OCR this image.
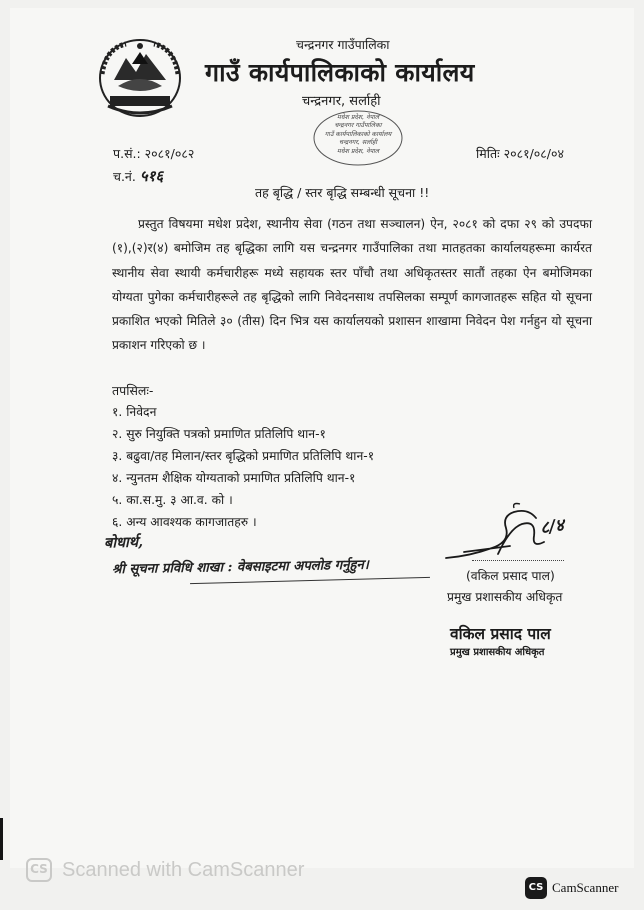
चन्द्रनगर गाउँपालिका
गाउँ कार्यपालिकाको कार्यालय
चन्द्रनगर, सर्लाही
मधेश प्रदेश, नेपाल
चन्द्रनगर गाउँपालिका
गाउँ कार्यपालिकाको कार्यालय
चन्द्रनगर, सर्लाही
मधेश प्रदेश, नेपाल
प.सं.: २०८१/०८२
च.नं. ५१६
मितिः २०८१/०८/०४
तह बृद्धि / स्तर बृद्धि सम्बन्धी सूचना !!
प्रस्तुत विषयमा मधेश प्रदेश, स्थानीय सेवा (गठन तथा सञ्चालन) ऐन, २०८१ को दफा २९ को उपदफा (१),(२)र(४) बमोजिम तह बृद्धिका लागि यस चन्द्रनगर गाउँपालिका तथा मातहतका कार्यालयहरूमा कार्यरत स्थानीय सेवा स्थायी कर्मचारीहरू मध्ये सहायक स्तर पाँचौ तथा अधिकृतस्तर सातौं तहका ऐन बमोजिमका योग्यता पुगेका कर्मचारीहरूले तह बृद्धिको लागि निवेदनसाथ तपसिलका सम्पूर्ण कागजातहरू सहित यो सूचना प्रकाशित भएको मितिले ३० (तीस) दिन भित्र यस कार्यालयको प्रशासन शाखामा निवेदन पेश गर्नहुन यो सूचना प्रकाशन गरिएको छ ।
तपसिलः-
१. निवेदन
२. सुरु नियुक्ति पत्रको प्रमाणित प्रतिलिपि थान-१
३. बढुवा/तह मिलान/स्तर बृद्धिको प्रमाणित प्रतिलिपि थान-१
४. न्युनतम शैक्षिक योग्यताको प्रमाणित प्रतिलिपि थान-१
५. का.स.मु. ३ आ.व. को ।
६. अन्य आवश्यक कागजातहरु ।
बोधार्थ,
श्री सूचना प्रविधि शाखा : वेबसाइटमा अपलोड गर्नुहुन।
८/४
(वकिल प्रसाद पाल)
प्रमुख प्रशासकीय अधिकृत
वकिल प्रसाद पाल
प्रमुख प्रशासकीय अधिकृत
CS Scanned with CamScanner
CS CamScanner
